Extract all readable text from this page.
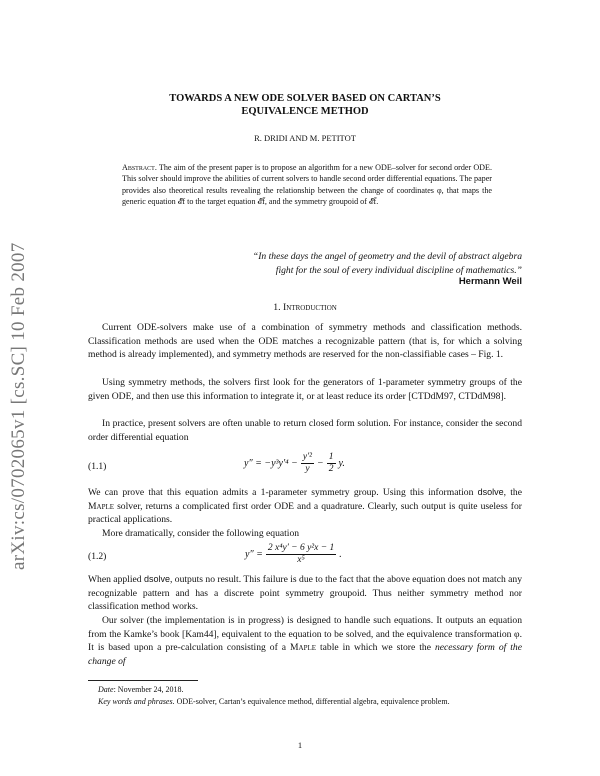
arXiv:cs/0702065v1 [cs.SC] 10 Feb 2007
TOWARDS A NEW ODE SOLVER BASED ON CARTAN’S
EQUIVALENCE METHOD
R. DRIDI AND M. PETITOT
Abstract. The aim of the present paper is to propose an algorithm for a new ODE–solver for second order ODE. This solver should improve the abilities of current solvers to handle second order differential equations. The paper provides also theoretical results revealing the relationship between the change of coordinates φ, that maps the generic equation 𝓔f to the target equation 𝓔f̄, and the symmetry groupoid of 𝓔f̄.
“In these days the angel of geometry and the devil of abstract algebra
fight for the soul of every individual discipline of mathematics.”
Hermann Weil
1. Introduction
Current ODE-solvers make use of a combination of symmetry methods and classification methods. Classification methods are used when the ODE matches a recognizable pattern (that is, for which a solving method is already implemented), and symmetry methods are reserved for the non-classifiable cases – Fig. 1.
Using symmetry methods, the solvers first look for the generators of 1-parameter symmetry groups of the given ODE, and then use this information to integrate it, or at least reduce its order [CTDdM97, CTDdM98].
In practice, present solvers are often unable to return closed form solution. For instance, consider the second order differential equation
(1.1)	$y'' = -y^3y'^4 - \frac{\text{y′²}}{y} - \frac{1}{2} y$.
We can prove that this equation admits a 1-parameter symmetry group. Using this information dsolve, the Maple solver, returns a complicated first order ODE and a quadrature. Clearly, such output is quite useless for practical applications.
More dramatically, consider the following equation
(1.2)	$y'' = \frac{\text{2 x⁴y′ − 6 y²x − 1}}{\text{x⁵}}$ .
When applied dsolve, outputs no result. This failure is due to the fact that the above equation does not match any recognizable pattern and has a discrete point symmetry groupoid. Thus neither symmetry method nor classification method works.
Our solver (the implementation is in progress) is designed to handle such equations. It outputs an equation from the Kamke’s book [Kam44], equivalent to the equation to be solved, and the equivalence transformation φ. It is based upon a pre-calculation consisting of a Maple table in which we store the necessary form of the change of
Date: November 24, 2018.
Key words and phrases. ODE-solver, Cartan’s equivalence method, differential algebra, equivalence problem.
1
